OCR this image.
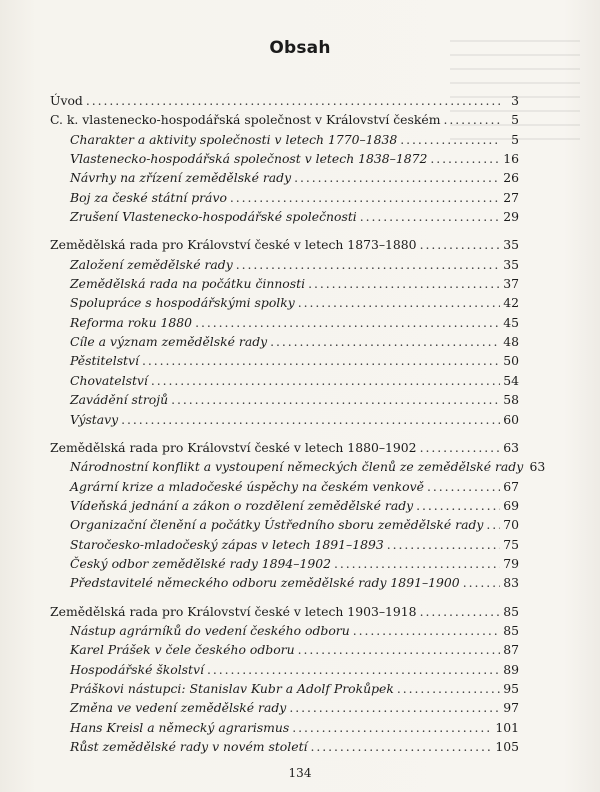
Obsah
Úvod . . .	3
C. k. vlastenecko-hospodářská společnost v Království českém . . .	5
Charakter a aktivity společnosti v letech 1770–1838 . . .	5
Vlastenecko-hospodářská společnost v letech 1838–1872 . . .	16
Návrhy na zřízení zemědělské rady . . .	26
Boj za české státní právo . . .	27
Zrušení Vlastenecko-hospodářské společnosti . . .	29
Zemědělská rada pro Království české v letech 1873–1880 . . .	35
Založení zemědělské rady . . .	35
Zemědělská rada na počátku činnosti . . .	37
Spolupráce s hospodářskými spolky . . .	42
Reforma roku 1880 . . .	45
Cíle a význam zemědělské rady . . .	48
Pěstitelství . . .	50
Chovatelství . . .	54
Zavádění strojů . . .	58
Výstavy . . .	60
Zemědělská rada pro Království české v letech 1880–1902 . . .	63
Národnostní konflikt a vystoupení německých členů ze zemědělské rady 63
Agrární krize a mladočeské úspěchy na českém venkově . . .	67
Vídeňská jednání a zákon o rozdělení zemědělské rady . . .	69
Organizační členění a počátky Ústředního sboru zemědělské rady . . . 70
Staročesko-mladočeský zápas v letech 1891–1893 . . .	75
Český odbor zemědělské rady 1894–1902 . . .	79
Představitelé německého odboru zemědělské rady 1891–1900 . . .	83
Zemědělská rada pro Království české v letech 1903–1918 . . .	85
Nástup agrárníků do vedení českého odboru . . .	85
Karel Prášek v čele českého odboru . . .	87
Hospodářské školství . . .	89
Práškovi nástupci: Stanislav Kubr a Adolf Prokůpek . . .	95
Změna ve vedení zemědělské rady . . .	97
Hans Kreisl a německý agrarismus . . .	101
Růst zemědělské rady v novém století . . .	105
134
